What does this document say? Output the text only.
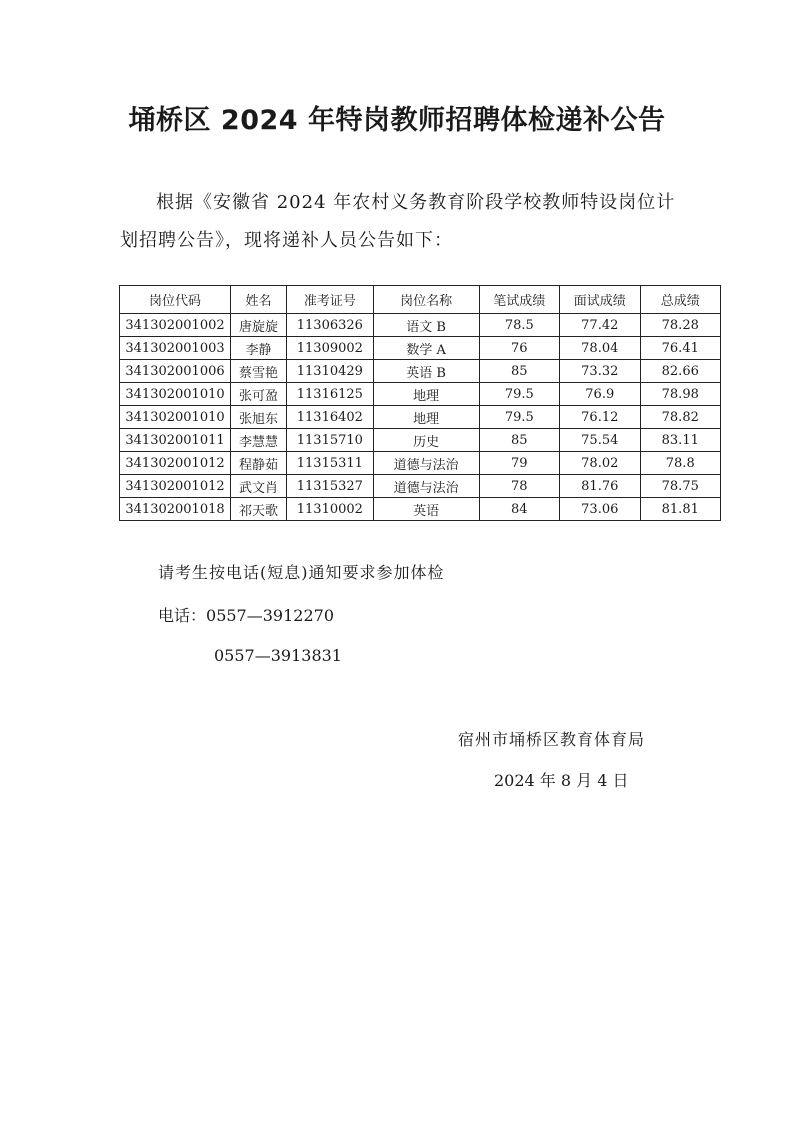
埇桥区 2024 年特岗教师招聘体检递补公告

根据《安徽省 2024 年农村义务教育阶段学校教师特设岗位计划招聘公告》，现将递补人员公告如下：

岗位代码	姓名	准考证号	岗位名称	笔试成绩	面试成绩	总成绩
341302001002	唐旋旋	11306326	语文 B	78.5	77.42	78.28
341302001003	李静	11309002	数学 A	76	78.04	76.41
341302001006	蔡雪艳	11310429	英语 B	85	73.32	82.66
341302001010	张可盈	11316125	地理	79.5	76.9	78.98
341302001010	张旭东	11316402	地理	79.5	76.12	78.82
341302001011	李慧慧	11315710	历史	85	75.54	83.11
341302001012	程静茹	11315311	道德与法治	79	78.02	78.8
341302001012	武文肖	11315327	道德与法治	78	81.76	78.75
341302001018	祁天歌	11310002	英语	84	73.06	81.81

请考生按电话(短息)通知要求参加体检

电话：0557—3912270

0557—3913831

宿州市埇桥区教育体育局

2024 年 8 月 4 日
